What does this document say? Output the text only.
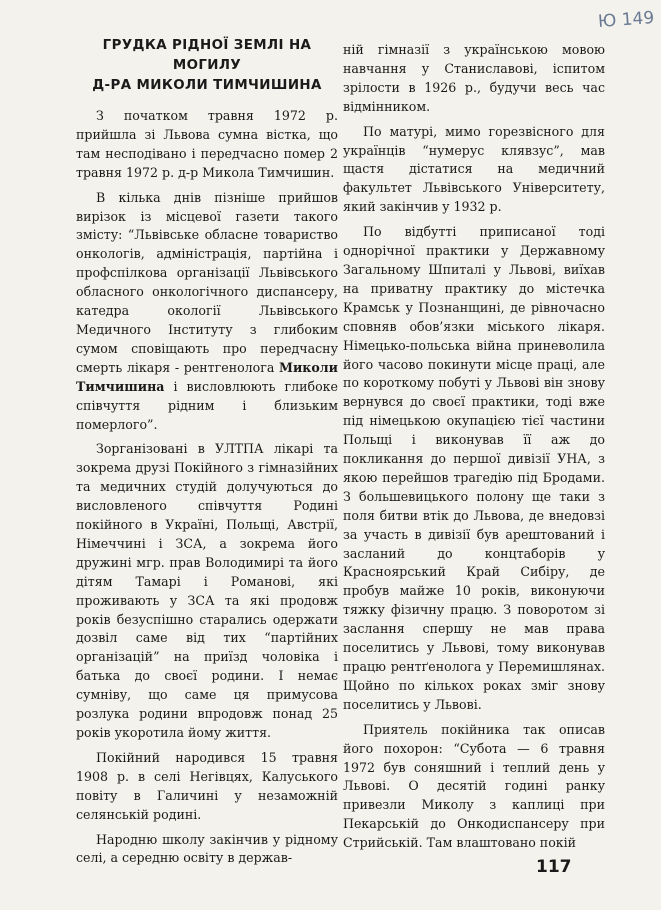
Ю 149
ГРУДКА РІДНОЇ ЗЕМЛІ НА МОГИЛУ
Д-РА МИКОЛИ ТИМЧИШИНА

З початком травня 1972 р. прийшла зі Львова сумна вістка, що там несподівано і передчасно помер 2 травня 1972 р. д-р Микола Тимчишин.

В кілька днів пізніше прийшов вирізок із місцевої газети такого змісту: “Львівське обласне товариство онкологів, адміністрація, партійна і профспілкова організації Львівського обласного онкологічного диспансеру, катедра окології Львівського Медичного Інституту з глибоким сумом сповіщають про передчасну смерть лікаря - рентгенолога Миколи Тимчишина і висловлюють глибоке співчуття рідним і близьким померлого”.

Зорганізовані в УЛТПА лікарі та зокрема друзі Покійного з гімназійних та медичних студій долучуються до висловленого співчуття Родині покійного в Україні, Польщі, Австрії, Німеччині і ЗСА, а зокрема його дружині мгр. прав Володимирі та його дітям Тамарі і Романові, які проживають у ЗСА та які продовж років безуспішно старались одержати дозвіл саме від тих “партійних організацій” на приїзд чоловіка і батька до своєї родини. І немає сумніву, що саме ця примусова розлука родини впродовж понад 25 років укоротила йому життя.

Покійний народився 15 травня 1908 р. в селі Негівцях, Калуського повіту в Галичині у незаможній селянській родині.

Народню школу закінчив у рідному селі, а середню освіту в держав-

ній гімназії з українською мовою навчання у Станиславові, іспитом зрілости в 1926 р., будучи весь час відмінником.

По матурі, мимо горезвісного для українців “нумерус клявзус”, мав щастя дістатися на медичний факультет Львівського Університету, який закінчив у 1932 р.

По відбутті приписаної тоді однорічної практики у Державному Загальному Шпиталі у Львові, виїхав на приватну практику до містечка Крамськ у Познанщині, де рівночасно сповняв обов’язки міського лікаря. Німецько-польська війна приневолила його часово покинути місце праці, але по короткому побуті у Львові він знову вернувся до своєї практики, тоді вже під німецькою окупацією тієї частини Польщі і виконував її аж до покликання до першої дивізії УНА, з якою перейшов трагедію під Бродами. З большевицького полону ще таки з поля битви втік до Львова, де внедовзі за участь в дивізії був арештований і засланий до концтаборів у Красноярський Край Сибіру, де пробув майже 10 років, виконуючи тяжку фізичну працю. З поворотом зі заслання спершу не мав права поселитись у Львові, тому виконував працю рентґенолога у Перемишлянах. Щойно по кількох роках зміг знову поселитись у Львові.

Приятель покійника так описав його похорон: “Субота — 6 травня 1972 був соняшний і теплий день у Львові. О десятій годині ранку привезли Миколу з каплиці при Пекарській до Онкодиспансеру при Стрийській. Там влаштовано покій

117
